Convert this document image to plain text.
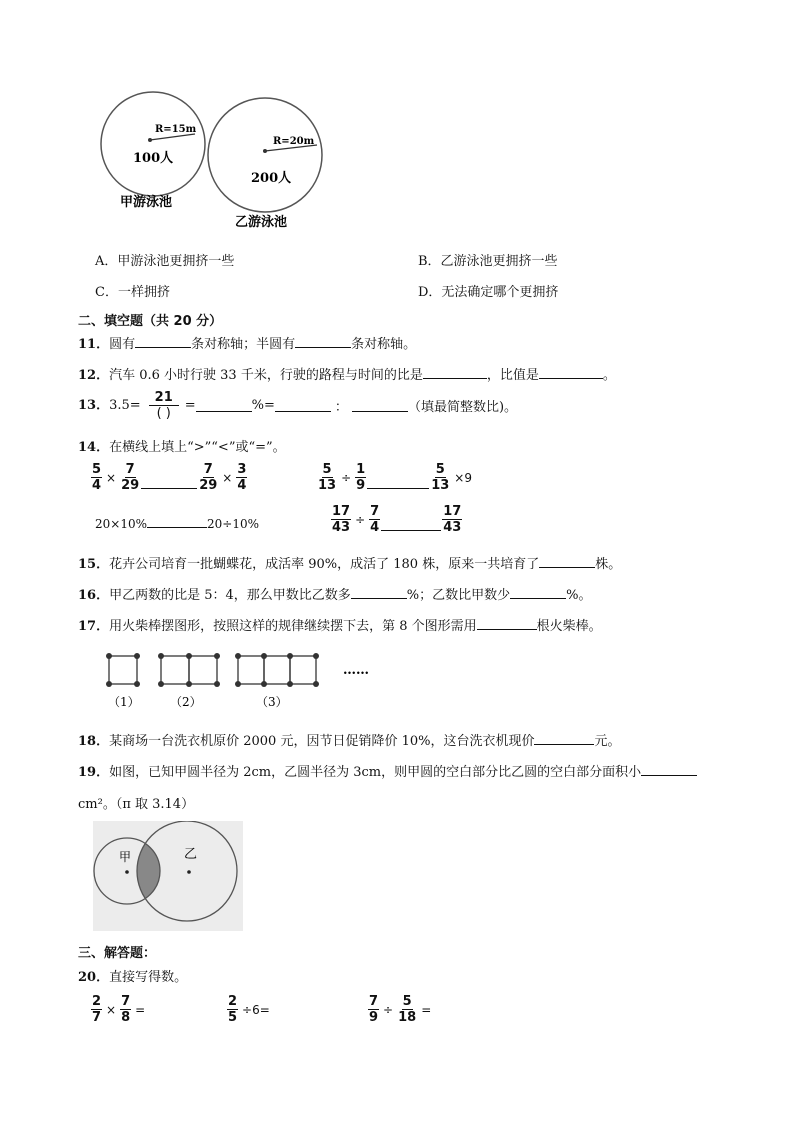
R=15m
100人
甲游泳池
R=20m
200人
乙游泳池
A．甲游泳池更拥挤一些	B．乙游泳池更拥挤一些
C．一样拥挤	D．无法确定哪个更拥挤
二、填空题（共 20 分）
11．圆有	条对称轴；半圆有	条对称轴。
12．汽车 0.6 小时行驶 33 千米，行驶的路程与时间的比是	，比值是	。
13．$3.5= \frac{21}{( )}$ =	%=	：	（填最简整数比)。
14．在横线上填上“>”“<”或“=”。
$\frac{5}{4} \times \frac{7}{29}$	$\frac{7}{29} \times \frac{3}{4}$	$\frac{5}{13} \div \frac{1}{9}$	$\frac{5}{13} \times 9$
20×10%	20÷10%	$\frac{17}{43} \div \frac{7}{4}$	$\frac{17}{43}$
15．花卉公司培育一批蝴蝶花，成活率 90%，成活了 180 株，原来一共培育了	株。
16．甲乙两数的比是 5：4，那么甲数比乙数多	%；乙数比甲数少	%。
17．用火柴棒摆图形，按照这样的规律继续摆下去，第 8 个图形需用	根火柴棒。
（1）	（2）	（3）
……
18．某商场一台洗衣机原价 2000 元，因节日促销降价 10%，这台洗衣机现价	元。
19．如图，已知甲圆半径为 2cm，乙圆半径为 3cm，则甲圆的空白部分比乙圆的空白部分面积小
cm²。（π 取 3.14）
甲	乙
三、解答题：
20．直接写得数。
$\frac{2}{7} \times \frac{7}{8}$ =	$\frac{2}{5} \div 6=$	$\frac{7}{9} \div \frac{5}{18}$ =
